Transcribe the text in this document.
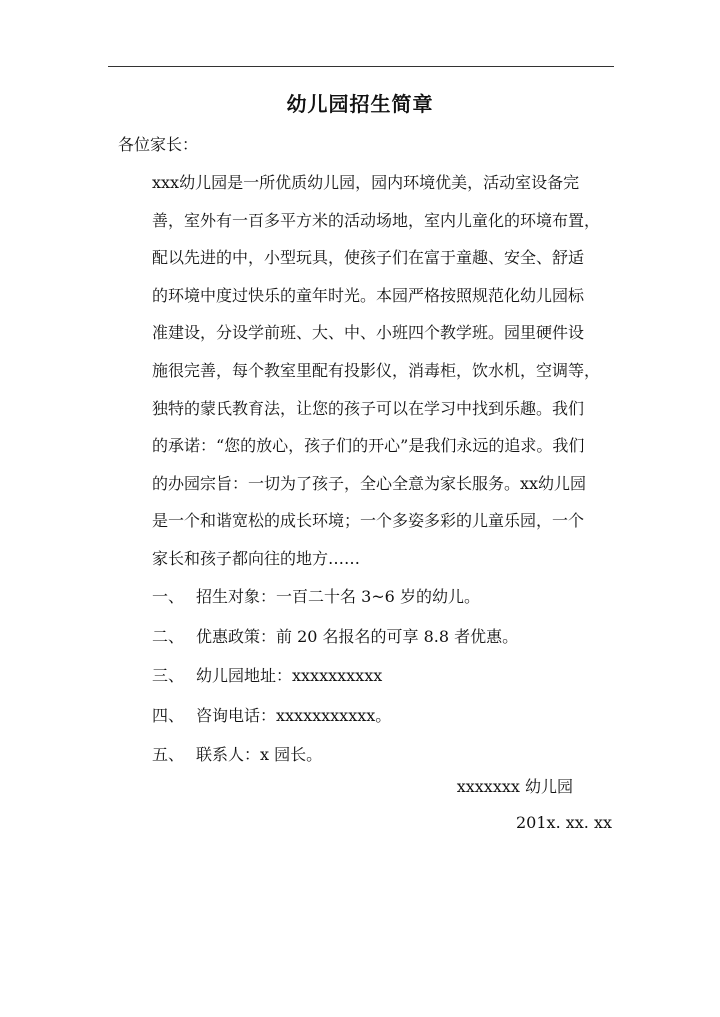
幼儿园招生简章
各位家长：
xxx幼儿园是一所优质幼儿园，园内环境优美，活动室设备完
善，室外有一百多平方米的活动场地，室内儿童化的环境布置，
配以先进的中，小型玩具，使孩子们在富于童趣、安全、舒适
的环境中度过快乐的童年时光。本园严格按照规范化幼儿园标
准建设，分设学前班、大、中、小班四个教学班。园里硬件设
施很完善，每个教室里配有投影仪，消毒柜，饮水机，空调等，
独特的蒙氏教育法，让您的孩子可以在学习中找到乐趣。我们
的承诺：“您的放心，孩子们的开心”是我们永远的追求。我们
的办园宗旨：一切为了孩子，全心全意为家长服务。xx幼儿园
是一个和谐宽松的成长环境；一个多姿多彩的儿童乐园，一个
家长和孩子都向往的地方……
一、 招生对象：一百二十名 3~6 岁的幼儿。
二、 优惠政策：前 20 名报名的可享 8.8 者优惠。
三、 幼儿园地址：xxxxxxxxxx
四、 咨询电话：xxxxxxxxxxx。
五、 联系人：x 园长。
xxxxxxx 幼儿园
201x. xx. xx
